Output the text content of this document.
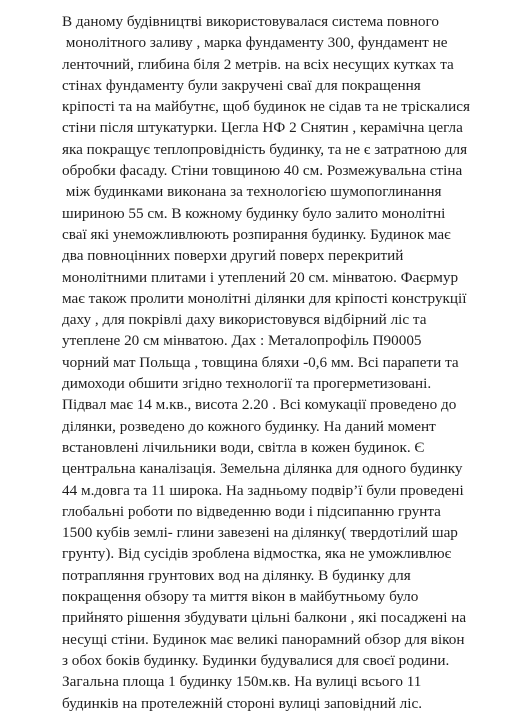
В даному будівництві використовувалася система повного
монолітного заливу , марка фундаменту 300, фундамент не
ленточний, глибина біля 2 метрів. на всіх несущих кутках та
стінах фундаменту були закручені сваї для покращення
кріпості та на майбутнє, щоб будинок не сідав та не тріскалися
стіни після штукатурки. Цегла НФ 2 Снятин , керамічна цегла
яка покращує теплопровідність будинку, та не є затратною для
обробки фасаду. Стіни товщиною 40 см. Розмежувальна стіна
між будинками виконана за технологією шумопоглинання
шириною 55 см. В кожному будинку було залито монолітні
сваї які унеможливлюють розпирання будинку. Будинок має
два повноцінних поверхи другий поверх перекритий
монолітними плитами і утеплений 20 см. мінватою. Фаєрмур
має також пролити монолітні ділянки для кріпості конструкції
даху , для покрівлі даху використовувся відбірний ліс та
утеплене 20 см мінватою. Дах : Металопрофіль П90005
чорний мат Польща , товщина бляхи -0,6 мм. Всі парапети та
димоходи обшити згідно технології та прогерметизовані.
Підвал має 14 м.кв., висота 2.20 . Всі комукації проведено до
ділянки, розведено до кожного будинку. На даний момент
встановлені лічильники води, світла в кожен будинок. Є
центральна каналізація. Земельна ділянка для одного будинку
44 м.довга та 11 широка. На задньому подвір’ї були проведені
глобальні роботи по відведенню води і підсипанню грунта
1500 кубів землі- глини завезені на ділянку( твердотілий шар
грунту). Від сусідів зроблена відмостка, яка не уможливлює
потрапляння грунтових вод на ділянку. В будинку для
покращення обзору та миття вікон в майбутньому було
прийнято рішення збудувати цільні балкони , які посаджені на
несущі стіни. Будинок має великі панорамний обзор для вікон
з обох боків будинку. Будинки будувалися для своєї родини.
Загальна площа 1 будинку 150м.кв. На вулиці всього 11
будинків на протележній стороні вулиці заповідний ліс.
